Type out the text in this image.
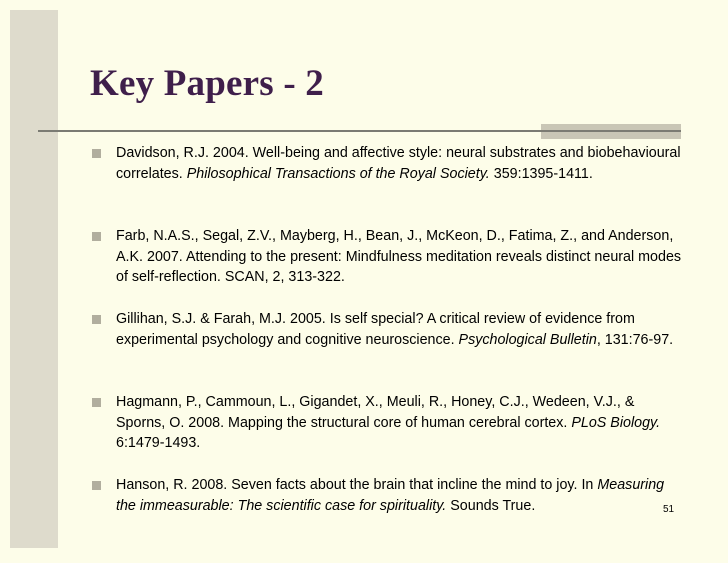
Key Papers - 2
Davidson, R.J. 2004. Well-being and affective style: neural substrates and biobehavioural correlates. Philosophical Transactions of the Royal Society. 359:1395-1411.
Farb, N.A.S., Segal, Z.V., Mayberg, H., Bean, J., McKeon, D., Fatima, Z., and Anderson, A.K. 2007. Attending to the present: Mindfulness meditation reveals distinct neural modes of self-reflection. SCAN, 2, 313-322.
Gillihan, S.J. & Farah, M.J. 2005. Is self special? A critical review of evidence from experimental psychology and cognitive neuroscience. Psychological Bulletin, 131:76-97.
Hagmann, P., Cammoun, L., Gigandet, X., Meuli, R., Honey, C.J., Wedeen, V.J., & Sporns, O. 2008. Mapping the structural core of human cerebral cortex. PLoS Biology. 6:1479-1493.
Hanson, R. 2008. Seven facts about the brain that incline the mind to joy. In Measuring the immeasurable: The scientific case for spirituality. Sounds True.	51
